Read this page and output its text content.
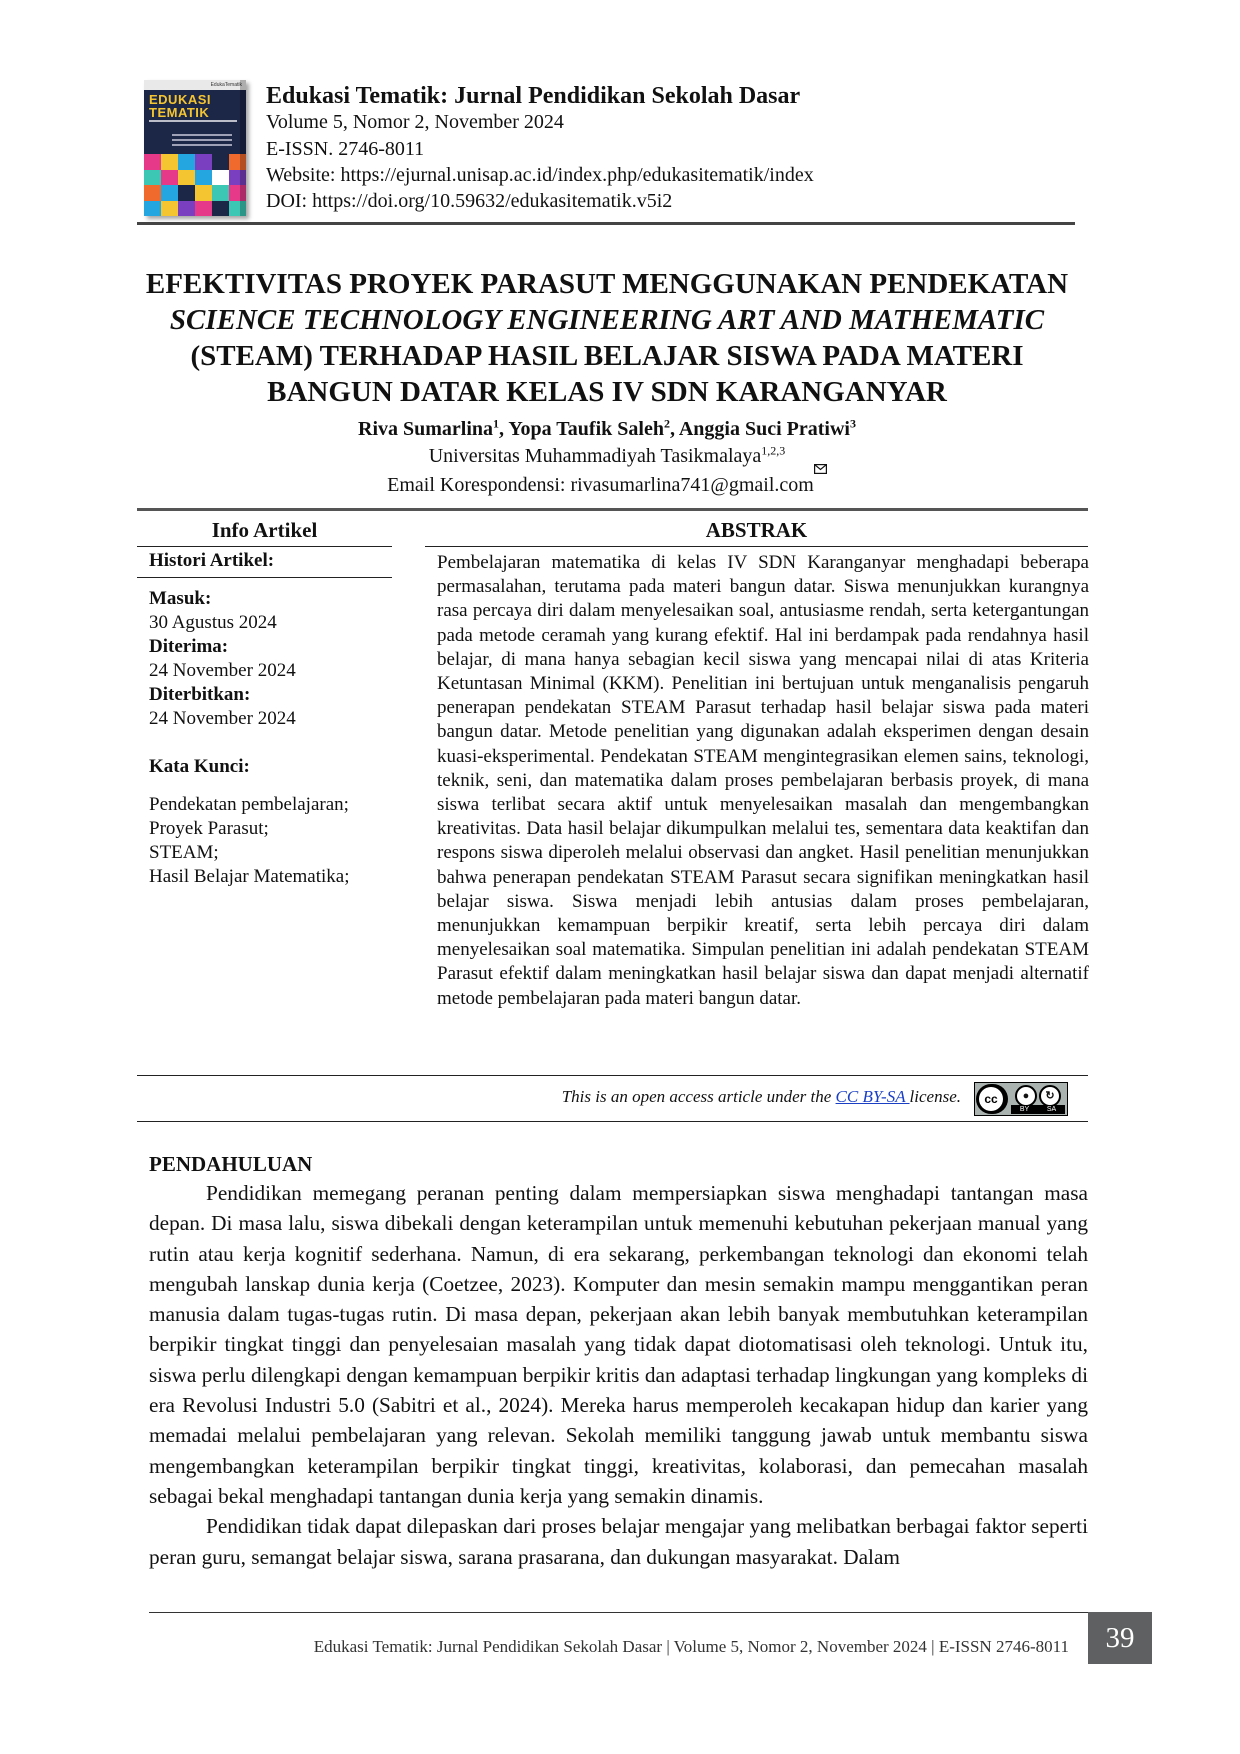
EdukaTematik
EDUKASI
TEMATIK
Edukasi Tematik: Jurnal Pendidikan Sekolah Dasar
Volume 5, Nomor 2, November 2024
E-ISSN. 2746-8011
Website: https://ejurnal.unisap.ac.id/index.php/edukasitematik/index
DOI: https://doi.org/10.59632/edukasitematik.v5i2
EFEKTIVITAS PROYEK PARASUT MENGGUNAKAN PENDEKATAN
SCIENCE TECHNOLOGY ENGINEERING ART AND MATHEMATIC
(STEAM) TERHADAP HASIL BELAJAR SISWA PADA MATERI
BANGUN DATAR KELAS IV SDN KARANGANYAR
Riva Sumarlina$^1$, Yopa Taufik Saleh$^2$, Anggia Suci Pratiwi$^3$
Universitas Muhammadiyah Tasikmalaya$^{1,2,3}$
Email Korespondensi: rivasumarlina741@gmail.com
Info Artikel	ABSTRAK
Histori Artikel:
Masuk:
30 Agustus 2024
Diterima:
24 November 2024
Diterbitkan:
24 November 2024
Kata Kunci:
Pendekatan pembelajaran;
Proyek Parasut;
STEAM;
Hasil Belajar Matematika;
Pembelajaran matematika di kelas IV SDN Karanganyar menghadapi beberapa permasalahan, terutama pada materi bangun datar. Siswa menunjukkan kurangnya rasa percaya diri dalam menyelesaikan soal, antusiasme rendah, serta ketergantungan pada metode ceramah yang kurang efektif. Hal ini berdampak pada rendahnya hasil belajar, di mana hanya sebagian kecil siswa yang mencapai nilai di atas Kriteria Ketuntasan Minimal (KKM). Penelitian ini bertujuan untuk menganalisis pengaruh penerapan pendekatan STEAM Parasut terhadap hasil belajar siswa pada materi bangun datar. Metode penelitian yang digunakan adalah eksperimen dengan desain kuasi-eksperimental. Pendekatan STEAM mengintegrasikan elemen sains, teknologi, teknik, seni, dan matematika dalam proses pembelajaran berbasis proyek, di mana siswa terlibat secara aktif untuk menyelesaikan masalah dan mengembangkan kreativitas. Data hasil belajar dikumpulkan melalui tes, sementara data keaktifan dan respons siswa diperoleh melalui observasi dan angket. Hasil penelitian menunjukkan bahwa penerapan pendekatan STEAM Parasut secara signifikan meningkatkan hasil belajar siswa. Siswa menjadi lebih antusias dalam proses pembelajaran, menunjukkan kemampuan berpikir kreatif, serta lebih percaya diri dalam menyelesaikan soal matematika. Simpulan penelitian ini adalah pendekatan STEAM Parasut efektif dalam meningkatkan hasil belajar siswa dan dapat menjadi alternatif metode pembelajaran pada materi bangun datar.
This is an open access article under the CC BY-SA license.	cc	●	↻
BY	SA
PENDAHULUAN

Pendidikan memegang peranan penting dalam mempersiapkan siswa menghadapi tantangan masa depan. Di masa lalu, siswa dibekali dengan keterampilan untuk memenuhi kebutuhan pekerjaan manual yang rutin atau kerja kognitif sederhana. Namun, di era sekarang, perkembangan teknologi dan ekonomi telah mengubah lanskap dunia kerja (Coetzee, 2023). Komputer dan mesin semakin mampu menggantikan peran manusia dalam tugas-tugas rutin. Di masa depan, pekerjaan akan lebih banyak membutuhkan keterampilan berpikir tingkat tinggi dan penyelesaian masalah yang tidak dapat diotomatisasi oleh teknologi. Untuk itu, siswa perlu dilengkapi dengan kemampuan berpikir kritis dan adaptasi terhadap lingkungan yang kompleks di era Revolusi Industri 5.0 (Sabitri et al., 2024). Mereka harus memperoleh kecakapan hidup dan karier yang memadai melalui pembelajaran yang relevan. Sekolah memiliki tanggung jawab untuk membantu siswa mengembangkan keterampilan berpikir tingkat tinggi, kreativitas, kolaborasi, dan pemecahan masalah sebagai bekal menghadapi tantangan dunia kerja yang semakin dinamis.

Pendidikan tidak dapat dilepaskan dari proses belajar mengajar yang melibatkan berbagai faktor seperti peran guru, semangat belajar siswa, sarana prasarana, dan dukungan masyarakat. Dalam

Edukasi Tematik: Jurnal Pendidikan Sekolah Dasar | Volume 5, Nomor 2, November 2024 | E-ISSN 2746-8011	39
